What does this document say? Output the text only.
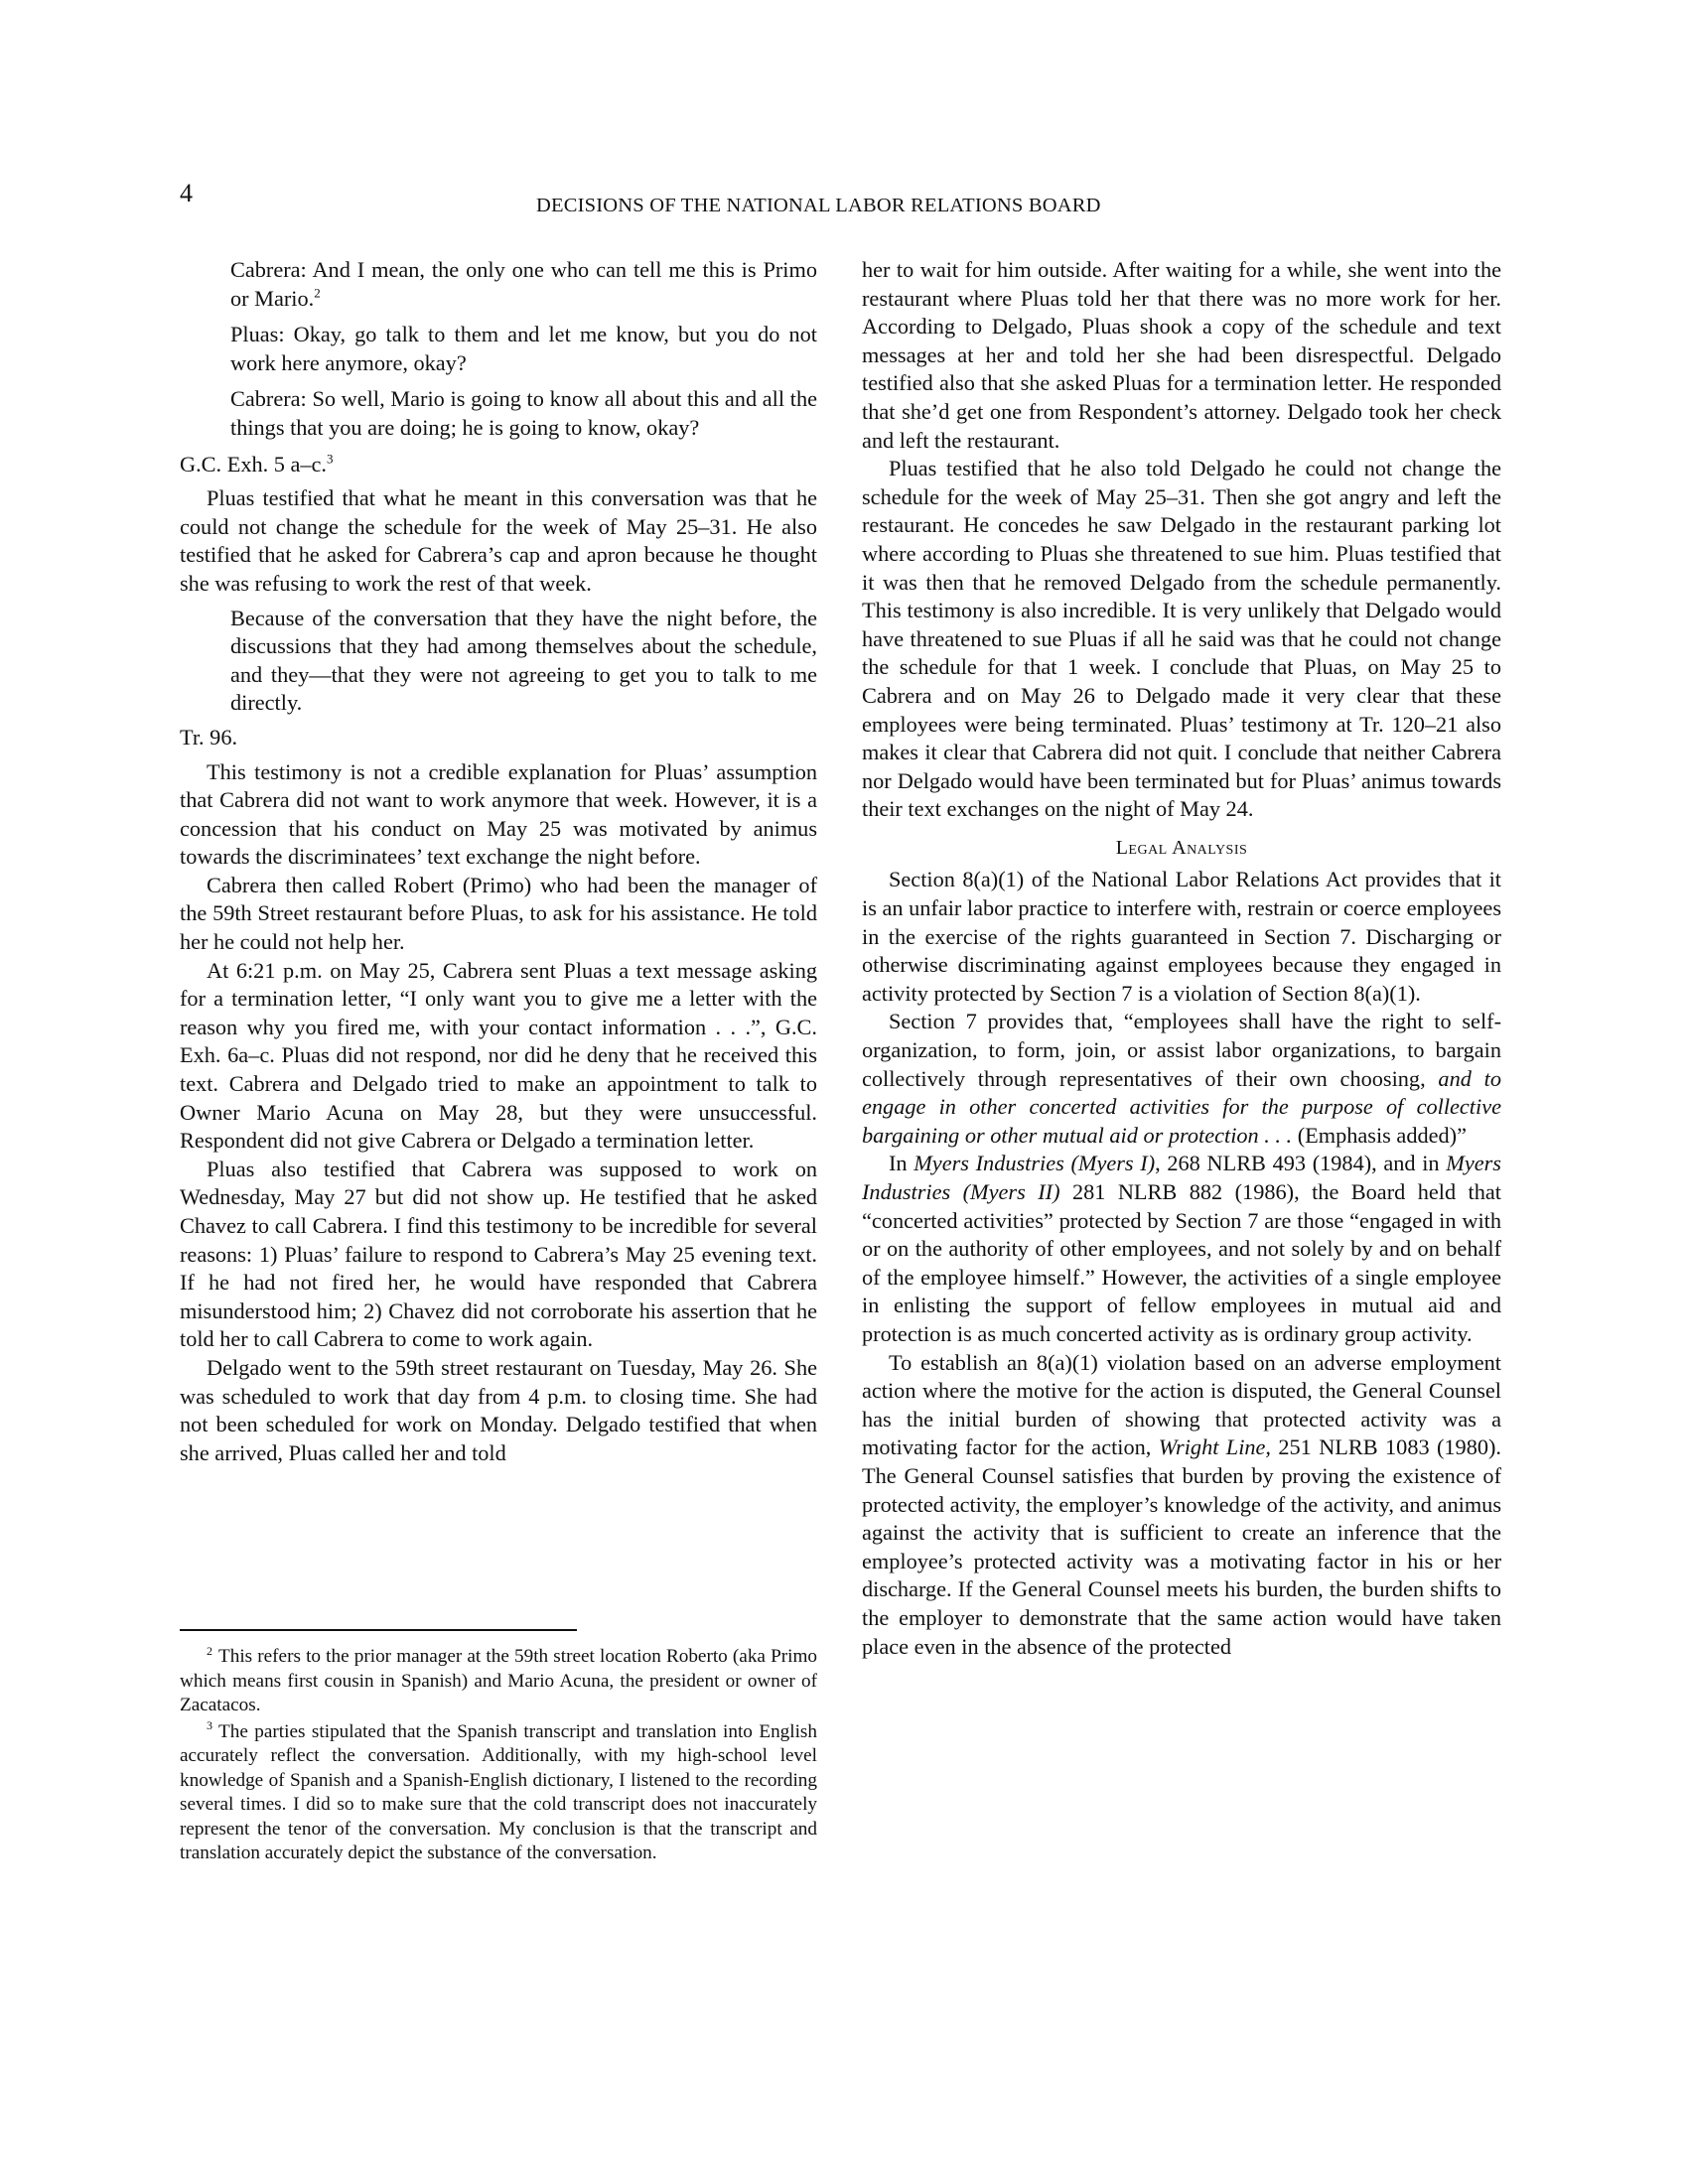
4	DECISIONS OF THE NATIONAL LABOR RELATIONS BOARD

Cabrera: And I mean, the only one who can tell me this is Primo or Mario.$^2$

Pluas: Okay, go talk to them and let me know, but you do not work here anymore, okay?

Cabrera: So well, Mario is going to know all about this and all the things that you are doing; he is going to know, okay?

G.C. Exh. 5 a–c.$^3$

Pluas testified that what he meant in this conversation was that he could not change the schedule for the week of May 25–31. He also testified that he asked for Cabrera’s cap and apron because he thought she was refusing to work the rest of that week.

Because of the conversation that they have the night before, the discussions that they had among themselves about the schedule, and they—that they were not agreeing to get you to talk to me directly.

Tr. 96.

This testimony is not a credible explanation for Pluas’ assumption that Cabrera did not want to work anymore that week. However, it is a concession that his conduct on May 25 was motivated by animus towards the discriminatees’ text exchange the night before.

Cabrera then called Robert (Primo) who had been the manager of the 59th Street restaurant before Pluas, to ask for his assistance. He told her he could not help her.

At 6:21 p.m. on May 25, Cabrera sent Pluas a text message asking for a termination letter, “I only want you to give me a letter with the reason why you fired me, with your contact information . . .”, G.C. Exh. 6a–c. Pluas did not respond, nor did he deny that he received this text. Cabrera and Delgado tried to make an appointment to talk to Owner Mario Acuna on May 28, but they were unsuccessful. Respondent did not give Cabrera or Delgado a termination letter.

Pluas also testified that Cabrera was supposed to work on Wednesday, May 27 but did not show up. He testified that he asked Chavez to call Cabrera. I find this testimony to be incredible for several reasons: 1) Pluas’ failure to respond to Cabrera’s May 25 evening text. If he had not fired her, he would have responded that Cabrera misunderstood him; 2) Chavez did not corroborate his assertion that he told her to call Cabrera to come to work again.

Delgado went to the 59th street restaurant on Tuesday, May 26. She was scheduled to work that day from 4 p.m. to closing time. She had not been scheduled for work on Monday. Delgado testified that when she arrived, Pluas called her and told

$^2$ This refers to the prior manager at the 59th street location Roberto (aka Primo which means first cousin in Spanish) and Mario Acuna, the president or owner of Zacatacos.

$^3$ The parties stipulated that the Spanish transcript and translation into English accurately reflect the conversation. Additionally, with my high-school level knowledge of Spanish and a Spanish-English dictionary, I listened to the recording several times. I did so to make sure that the cold transcript does not inaccurately represent the tenor of the conversation. My conclusion is that the transcript and translation accurately depict the substance of the conversation.

her to wait for him outside. After waiting for a while, she went into the restaurant where Pluas told her that there was no more work for her. According to Delgado, Pluas shook a copy of the schedule and text messages at her and told her she had been disrespectful. Delgado testified also that she asked Pluas for a termination letter. He responded that she’d get one from Respondent’s attorney. Delgado took her check and left the restaurant.

Pluas testified that he also told Delgado he could not change the schedule for the week of May 25–31. Then she got angry and left the restaurant. He concedes he saw Delgado in the restaurant parking lot where according to Pluas she threatened to sue him. Pluas testified that it was then that he removed Delgado from the schedule permanently. This testimony is also incredible. It is very unlikely that Delgado would have threatened to sue Pluas if all he said was that he could not change the schedule for that 1 week. I conclude that Pluas, on May 25 to Cabrera and on May 26 to Delgado made it very clear that these employees were being terminated. Pluas’ testimony at Tr. 120–21 also makes it clear that Cabrera did not quit. I conclude that neither Cabrera nor Delgado would have been terminated but for Pluas’ animus towards their text exchanges on the night of May 24.

Legal Analysis

Section 8(a)(1) of the National Labor Relations Act provides that it is an unfair labor practice to interfere with, restrain or coerce employees in the exercise of the rights guaranteed in Section 7. Discharging or otherwise discriminating against employees because they engaged in activity protected by Section 7 is a violation of Section 8(a)(1).

Section 7 provides that, “employees shall have the right to self-organization, to form, join, or assist labor organizations, to bargain collectively through representatives of their own choosing, and to engage in other concerted activities for the purpose of collective bargaining or other mutual aid or protection . . . (Emphasis added)”

In Myers Industries (Myers I), 268 NLRB 493 (1984), and in Myers Industries (Myers II) 281 NLRB 882 (1986), the Board held that “concerted activities” protected by Section 7 are those “engaged in with or on the authority of other employees, and not solely by and on behalf of the employee himself.” However, the activities of a single employee in enlisting the support of fellow employees in mutual aid and protection is as much concerted activity as is ordinary group activity.

To establish an 8(a)(1) violation based on an adverse employment action where the motive for the action is disputed, the General Counsel has the initial burden of showing that protected activity was a motivating factor for the action, Wright Line, 251 NLRB 1083 (1980). The General Counsel satisfies that burden by proving the existence of protected activity, the employer’s knowledge of the activity, and animus against the activity that is sufficient to create an inference that the employee’s protected activity was a motivating factor in his or her discharge. If the General Counsel meets his burden, the burden shifts to the employer to demonstrate that the same action would have taken place even in the absence of the protected
